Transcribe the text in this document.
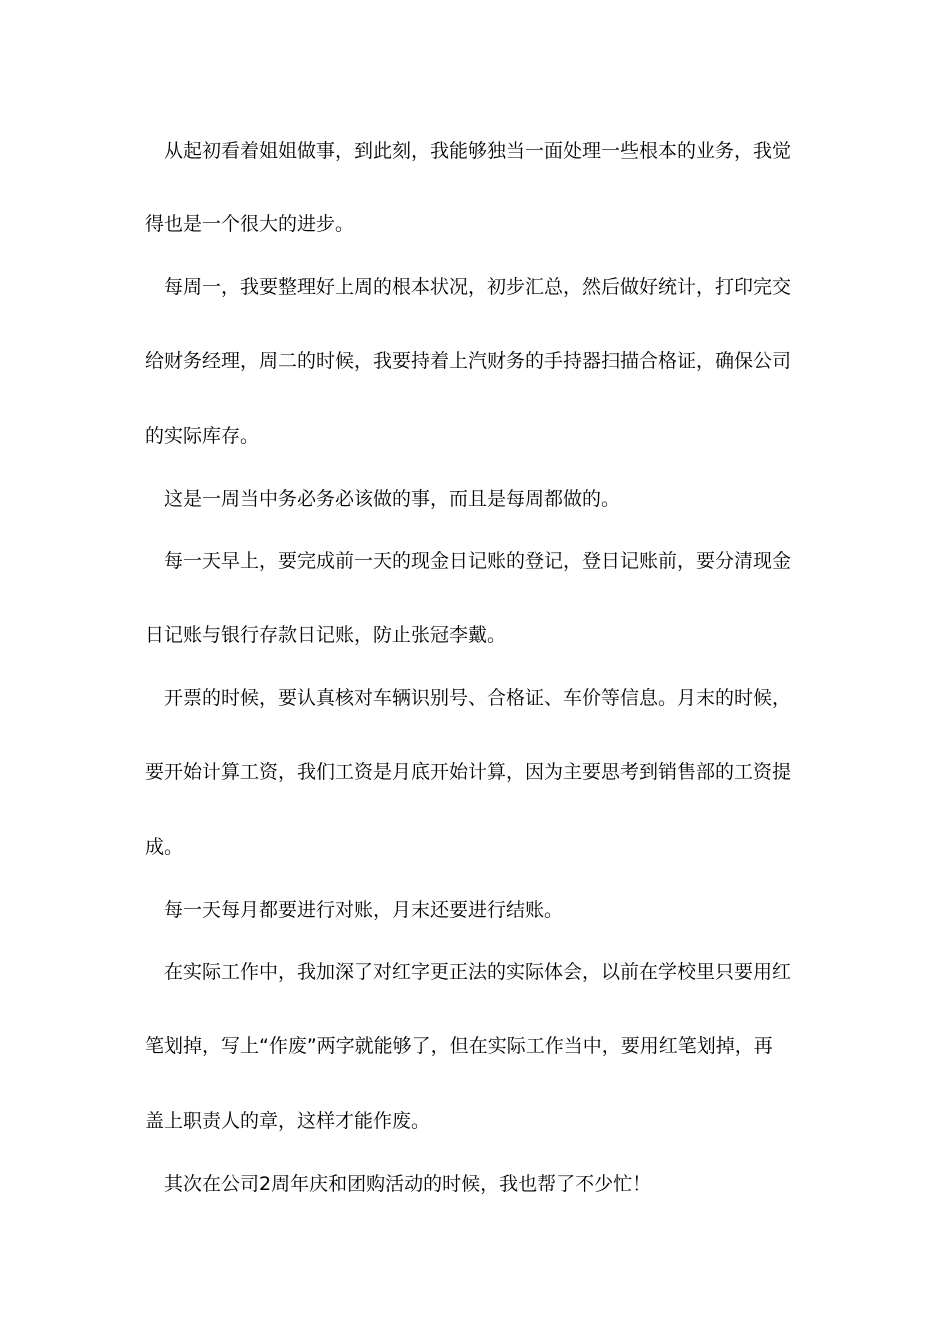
从起初看着姐姐做事，到此刻，我能够独当一面处理一些根本的业务，我觉
得也是一个很大的进步。
每周一，我要整理好上周的根本状况，初步汇总，然后做好统计，打印完交
给财务经理，周二的时候，我要持着上汽财务的手持器扫描合格证，确保公司
的实际库存。
这是一周当中务必务必该做的事，而且是每周都做的。
每一天早上，要完成前一天的现金日记账的登记，登日记账前，要分清现金
日记账与银行存款日记账，防止张冠李戴。
开票的时候，要认真核对车辆识别号、合格证、车价等信息。月末的时候，
要开始计算工资，我们工资是月底开始计算，因为主要思考到销售部的工资提
成。
每一天每月都要进行对账，月末还要进行结账。
在实际工作中，我加深了对红字更正法的实际体会，以前在学校里只要用红
笔划掉，写上“作废”两字就能够了，但在实际工作当中，要用红笔划掉，再
盖上职责人的章，这样才能作废。
其次在公司2周年庆和团购活动的时候，我也帮了不少忙！
